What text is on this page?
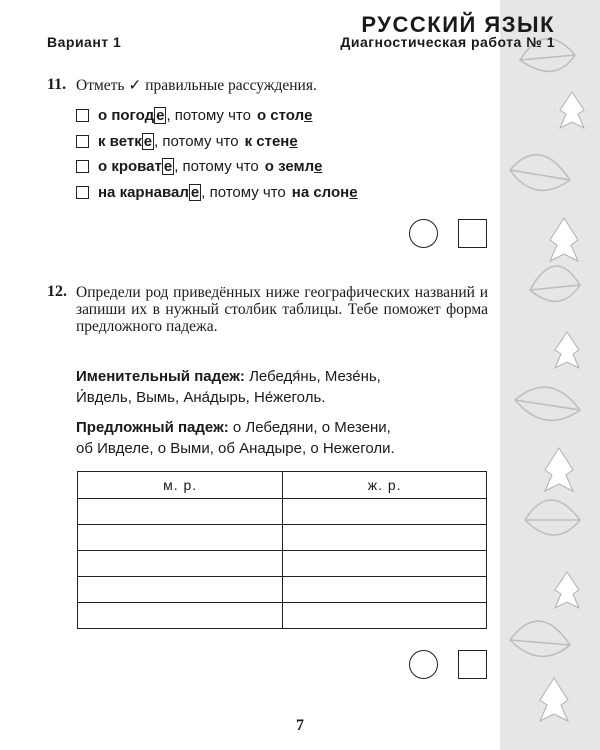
Вариант 1
РУССКИЙ ЯЗЫК
Диагностическая работа № 1
11. Отметь ✓ правильные рассуждения.
о погод е , потому что о стол е
к ветк е , потому что к стен е
о кроват е , потому что о земл е
на карнавал е , потому что на слон е
12. Определи род приведённых ниже географических названий и запиши их в нужный столбик таблицы. Тебе поможет форма предложного падежа.
Именительный падеж: Лебедя́нь, Мезе́нь,
И́вдель, Вымь, Ана́дырь, Не́жеголь.
Предложный падеж: о Лебедяни, о Мезени,
об Ивделе, о Выми, об Анадыре, о Нежеголи.
м. р.	ж. р.

7
